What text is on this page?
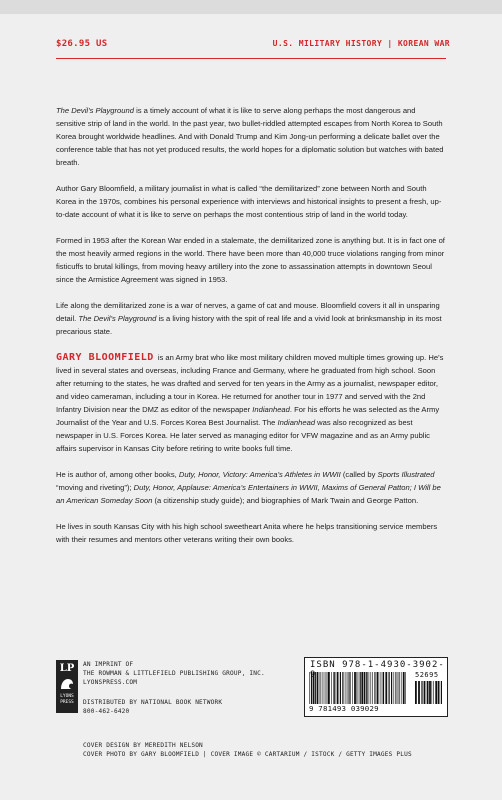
$26.95 US	U.S. MILITARY HISTORY | KOREAN WAR

The Devil’s Playground is a timely account of what it is like to serve along perhaps the most dangerous and sensitive strip of land in the world. In the past year, two bullet-riddled attempted escapes from North Korea to South Korea brought worldwide headlines. And with Donald Trump and Kim Jong-un performing a delicate ballet over the conference table that has not yet produced results, the world hopes for a diplomatic solution but watches with bated breath.

Author Gary Bloomfield, a military journalist in what is called “the demilitarized” zone between North and South Korea in the 1970s, combines his personal experience with interviews and historical insights to present a fresh, up-to-date account of what it is like to serve on perhaps the most contentious strip of land in the world today.

Formed in 1953 after the Korean War ended in a stalemate, the demilitarized zone is anything but. It is in fact one of the most heavily armed regions in the world. There have been more than 40,000 truce violations ranging from minor fisticuffs to brutal killings, from moving heavy artillery into the zone to assassination attempts in downtown Seoul since the Armistice Agreement was signed in 1953.

Life along the demilitarized zone is a war of nerves, a game of cat and mouse. Bloomfield covers it all in unsparing detail. The Devil’s Playground is a living history with the spit of real life and a vivid look at brinksmanship in its most precarious state.

GARY BLOOMFIELD is an Army brat who like most military children moved multiple times growing up. He’s lived in several states and overseas, including France and Germany, where he graduated from high school. Soon after returning to the states, he was drafted and served for ten years in the Army as a journalist, newspaper editor, and video cameraman, including a tour in Korea. He returned for another tour in 1977 and served with the 2nd Infantry Division near the DMZ as editor of the newspaper Indianhead. For his efforts he was selected as the Army Journalist of the Year and U.S. Forces Korea Best Journalist. The Indianhead was also recognized as best newspaper in U.S. Forces Korea. He later served as managing editor for VFW magazine and as an Army public affairs supervisor in Kansas City before retiring to write books full time.

He is author of, among other books, Duty, Honor, Victory: America’s Athletes in WWII (called by Sports Illustrated “moving and riveting”); Duty, Honor, Applause: America’s Entertainers in WWII, Maxims of General Patton; I Will be an American Someday Soon (a citizenship study guide); and biographies of Mark Twain and George Patton.

He lives in south Kansas City with his high school sweetheart Anita where he helps transitioning service members with their resumes and mentors other veterans writing their own books.

LP
LYONS PRESS
AN IMPRINT OF
THE ROWMAN & LITTLEFIELD PUBLISHING GROUP, INC.
LYONSPRESS.COM
DISTRIBUTED BY NATIONAL BOOK NETWORK
800-462-6420
COVER DESIGN BY MEREDITH NELSON
COVER PHOTO BY GARY BLOOMFIELD | COVER IMAGE © CARTARIUM / ISTOCK / GETTY IMAGES PLUS
ISBN 978-1-4930-3902-
52695
9 781493 039029
